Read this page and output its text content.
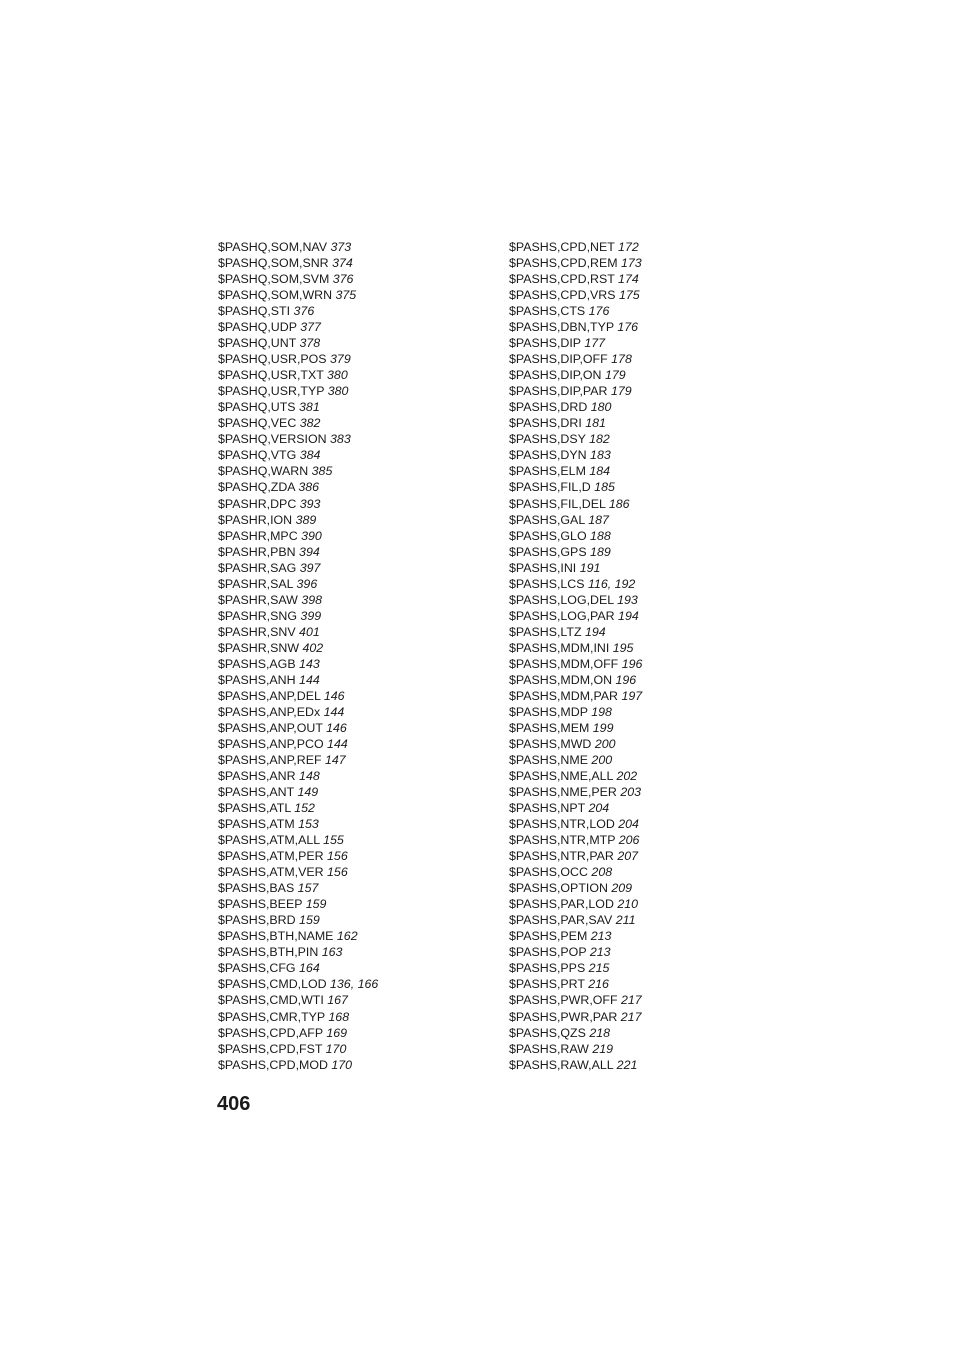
$PASHQ,SOM,NAV 373
$PASHQ,SOM,SNR 374
$PASHQ,SOM,SVM 376
$PASHQ,SOM,WRN 375
$PASHQ,STI 376
$PASHQ,UDP 377
$PASHQ,UNT 378
$PASHQ,USR,POS 379
$PASHQ,USR,TXT 380
$PASHQ,USR,TYP 380
$PASHQ,UTS 381
$PASHQ,VEC 382
$PASHQ,VERSION 383
$PASHQ,VTG 384
$PASHQ,WARN 385
$PASHQ,ZDA 386
$PASHR,DPC 393
$PASHR,ION 389
$PASHR,MPC 390
$PASHR,PBN 394
$PASHR,SAG 397
$PASHR,SAL 396
$PASHR,SAW 398
$PASHR,SNG 399
$PASHR,SNV 401
$PASHR,SNW 402
$PASHS,AGB 143
$PASHS,ANH 144
$PASHS,ANP,DEL 146
$PASHS,ANP,EDx 144
$PASHS,ANP,OUT 146
$PASHS,ANP,PCO 144
$PASHS,ANP,REF 147
$PASHS,ANR 148
$PASHS,ANT 149
$PASHS,ATL 152
$PASHS,ATM 153
$PASHS,ATM,ALL 155
$PASHS,ATM,PER 156
$PASHS,ATM,VER 156
$PASHS,BAS 157
$PASHS,BEEP 159
$PASHS,BRD 159
$PASHS,BTH,NAME 162
$PASHS,BTH,PIN 163
$PASHS,CFG 164
$PASHS,CMD,LOD 136, 166
$PASHS,CMD,WTI 167
$PASHS,CMR,TYP 168
$PASHS,CPD,AFP 169
$PASHS,CPD,FST 170
$PASHS,CPD,MOD 170
$PASHS,CPD,NET 172
$PASHS,CPD,REM 173
$PASHS,CPD,RST 174
$PASHS,CPD,VRS 175
$PASHS,CTS 176
$PASHS,DBN,TYP 176
$PASHS,DIP 177
$PASHS,DIP,OFF 178
$PASHS,DIP,ON 179
$PASHS,DIP,PAR 179
$PASHS,DRD 180
$PASHS,DRI 181
$PASHS,DSY 182
$PASHS,DYN 183
$PASHS,ELM 184
$PASHS,FIL,D 185
$PASHS,FIL,DEL 186
$PASHS,GAL 187
$PASHS,GLO 188
$PASHS,GPS 189
$PASHS,INI 191
$PASHS,LCS 116, 192
$PASHS,LOG,DEL 193
$PASHS,LOG,PAR 194
$PASHS,LTZ 194
$PASHS,MDM,INI 195
$PASHS,MDM,OFF 196
$PASHS,MDM,ON 196
$PASHS,MDM,PAR 197
$PASHS,MDP 198
$PASHS,MEM 199
$PASHS,MWD 200
$PASHS,NME 200
$PASHS,NME,ALL 202
$PASHS,NME,PER 203
$PASHS,NPT 204
$PASHS,NTR,LOD 204
$PASHS,NTR,MTP 206
$PASHS,NTR,PAR 207
$PASHS,OCC 208
$PASHS,OPTION 209
$PASHS,PAR,LOD 210
$PASHS,PAR,SAV 211
$PASHS,PEM 213
$PASHS,POP 213
$PASHS,PPS 215
$PASHS,PRT 216
$PASHS,PWR,OFF 217
$PASHS,PWR,PAR 217
$PASHS,QZS 218
$PASHS,RAW 219
$PASHS,RAW,ALL 221
406
